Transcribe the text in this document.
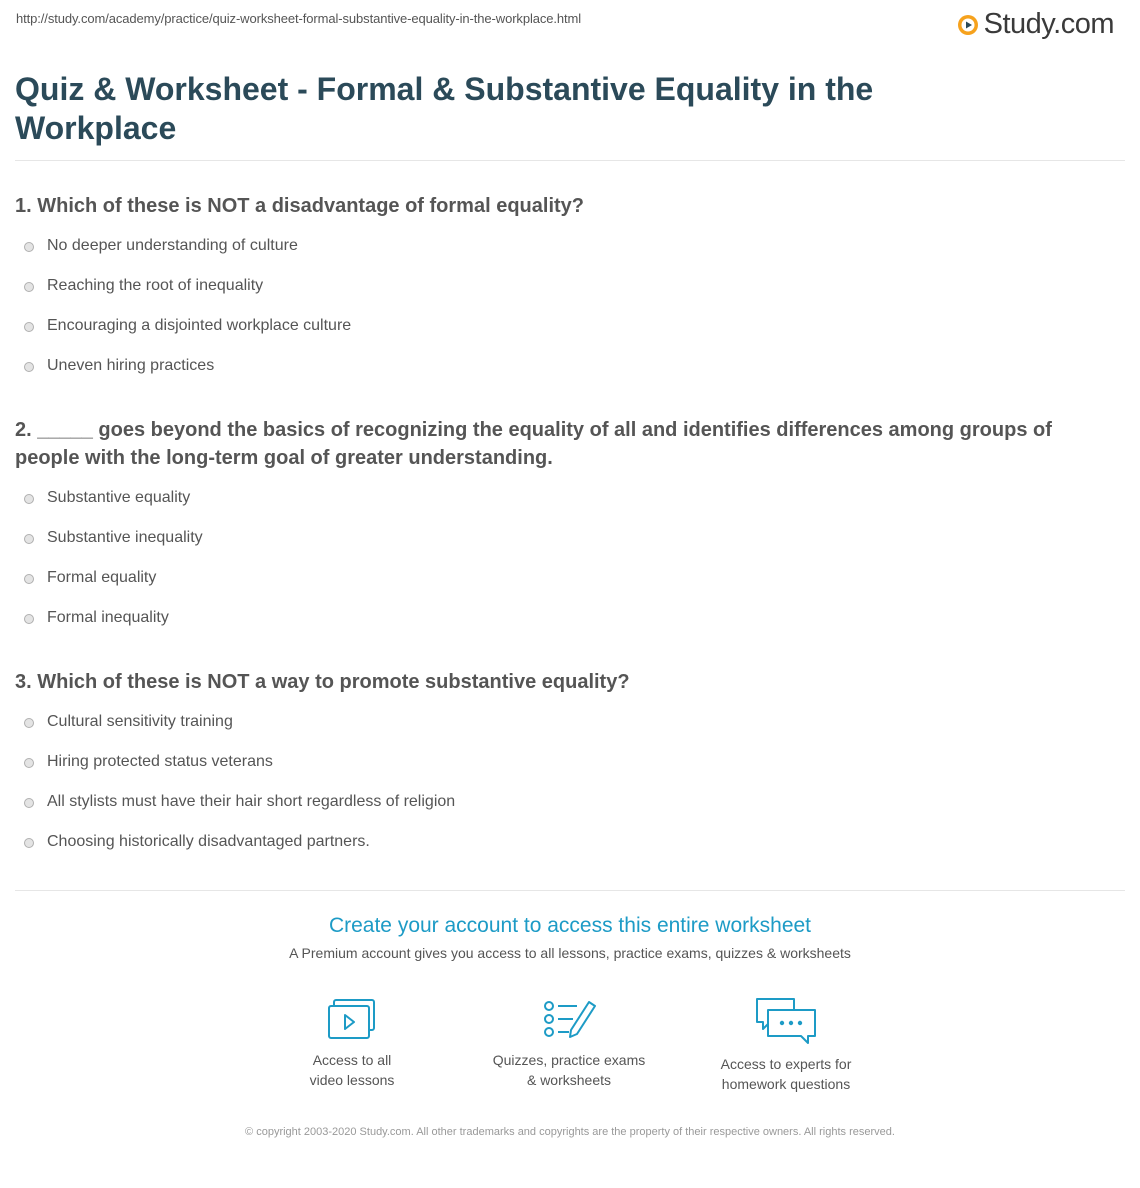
http://study.com/academy/practice/quiz-worksheet-formal-substantive-equality-in-the-workplace.html	Study.com
Quiz & Worksheet - Formal & Substantive Equality in the Workplace

1. Which of these is NOT a disadvantage of formal equality?

No deeper understanding of culture
Reaching the root of inequality
Encouraging a disjointed workplace culture
Uneven hiring practices

2. _____ goes beyond the basics of recognizing the equality of all and identifies differences among groups of people with the long-term goal of greater understanding.

Substantive equality
Substantive inequality
Formal equality
Formal inequality

3. Which of these is NOT a way to promote substantive equality?

Cultural sensitivity training
Hiring protected status veterans
All stylists must have their hair short regardless of religion
Choosing historically disadvantaged partners.
Create your account to access this entire worksheet
A Premium account gives you access to all lessons, practice exams, quizzes & worksheets
Access to all
video lessons
Quizzes, practice exams
& worksheets
Access to experts for
homework questions
© copyright 2003-2020 Study.com. All other trademarks and copyrights are the property of their respective owners. All rights reserved.
